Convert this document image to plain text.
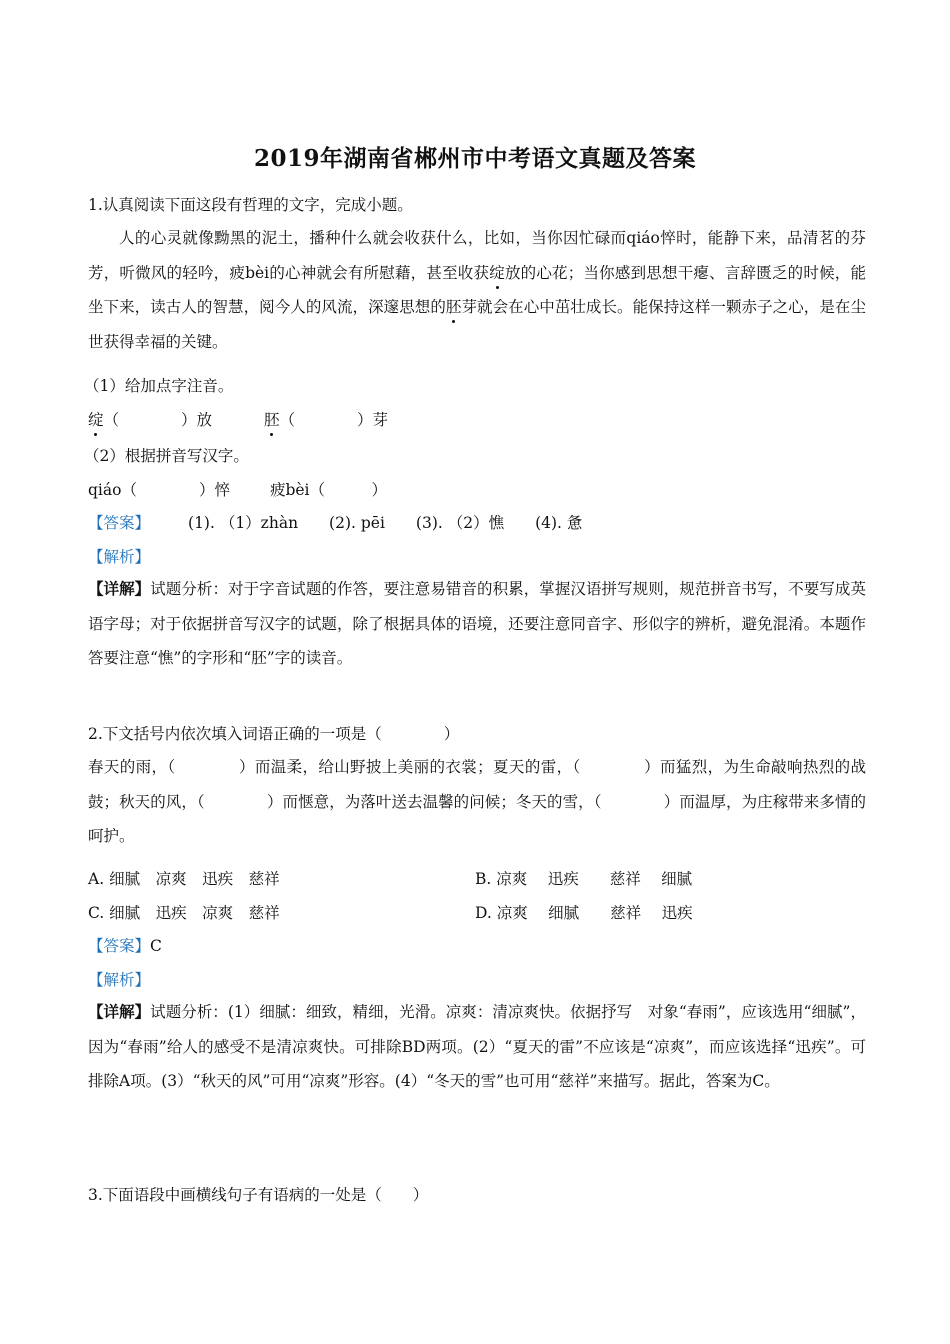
2019年湖南省郴州市中考语文真题及答案
1.认真阅读下面这段有哲理的文字，完成小题。
人的心灵就像黝黑的泥土，播种什么就会收获什么，比如，当你因忙碌而qiáo悴时，能静下来，品清茗的芬芳，听微风的轻吟，疲bèi的心神就会有所慰藉，甚至收获绽放的心花；当你感到思想干瘪、言辞匮乏的时候，能坐下来，读古人的智慧，阅今人的风流，深邃思想的胚芽就会在心中茁壮成长。能保持这样一颗赤子之心，是在尘世获得幸福的关键。
（1）给加点字注音。
绽（　　　　）放	胚（　　　　）芽
（2）根据拼音写汉字。
qiáo（　　　　）悴	疲bèi（　　　）
【答案】 (1). （1）zhàn　　(2). pēi　　(3). （2）憔　　(4). 惫
【解析】
【详解】试题分析：对于字音试题的作答，要注意易错音的积累，掌握汉语拼写规则，规范拼音书写，不要写成英语字母；对于依据拼音写汉字的试题，除了根据具体的语境，还要注意同音字、形似字的辨析，避免混淆。本题作答要注意“憔”的字形和“胚”字的读音。
2.下文括号内依次填入词语正确的一项是（　　　　）
春天的雨，（　　　　）而温柔，给山野披上美丽的衣裳；夏天的雷，（　　　　）而猛烈，为生命敲响热烈的战鼓；秋天的风，（　　　　）而惬意，为落叶送去温馨的问候；冬天的雪，（　　　　）而温厚，为庄稼带来多情的呵护。
A. 细腻　凉爽　迅疾　慈祥	B. 凉爽　 迅疾　　慈祥　 细腻
C. 细腻　迅疾　凉爽　慈祥	D. 凉爽　 细腻　　慈祥　 迅疾
【答案】C
【解析】
【详解】试题分析：(1）细腻：细致，精细，光滑。凉爽：清凉爽快。依据抒写　对象“春雨”，应该选用“细腻”，因为“春雨”给人的感受不是清凉爽快。可排除BD两项。(2）“夏天的雷”不应该是“凉爽”，而应该选择“迅疾”。可排除A项。(3）“秋天的风”可用“凉爽”形容。(4）“冬天的雪”也可用“慈祥”来描写。据此，答案为C。
3.下面语段中画横线句子有语病的一处是（　　）
